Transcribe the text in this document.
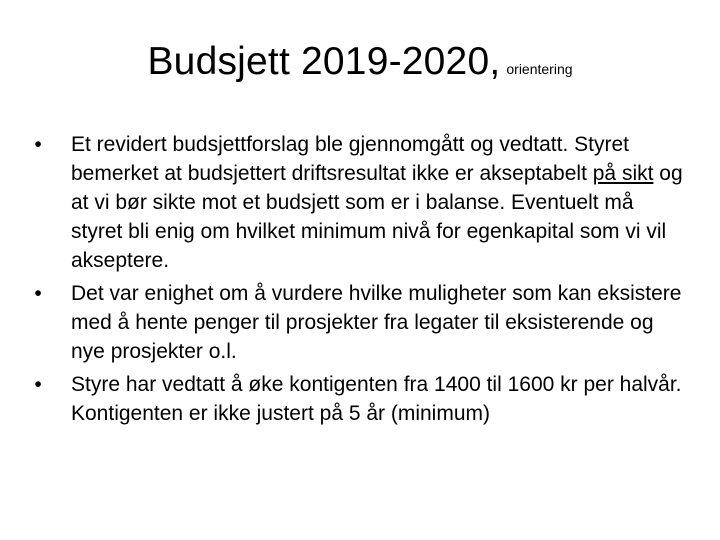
Budsjett 2019-2020, orientering
• Et revidert budsjettforslag ble gjennomgått og vedtatt. Styret bemerket at budsjettert driftsresultat ikke er akseptabelt på sikt og at vi bør sikte mot et budsjett som er i balanse. Eventuelt må styret bli enig om hvilket minimum nivå for egenkapital som vi vil akseptere.
• Det var enighet om å vurdere hvilke muligheter som kan eksistere med å hente penger til prosjekter fra legater til eksisterende og nye prosjekter o.l.
• Styre har vedtatt å øke kontigenten fra 1400 til 1600 kr per halvår. Kontigenten er ikke justert på 5 år (minimum)
